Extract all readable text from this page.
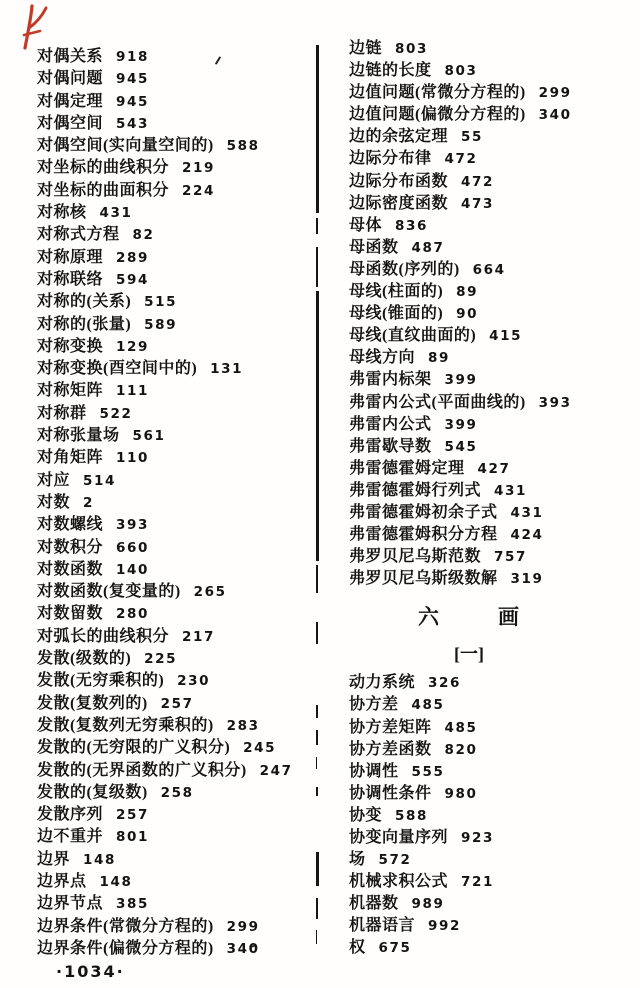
对偶关系 918
对偶问题 945
对偶定理 945
对偶空间 543
对偶空间(实向量空间的) 588
对坐标的曲线积分 219
对坐标的曲面积分 224
对称核 431
对称式方程 82
对称原理 289
对称联络 594
对称的(关系) 515
对称的(张量) 589
对称变换 129
对称变换(酉空间中的) 131
对称矩阵 111
对称群 522
对称张量场 561
对角矩阵 110
对应 514
对数 2
对数螺线 393
对数积分 660
对数函数 140
对数函数(复变量的) 265
对数留数 280
对弧长的曲线积分 217
发散(级数的) 225
发散(无穷乘积的) 230
发散(复数列的) 257
发散(复数列无穷乘积的) 283
发散的(无穷限的广义积分) 245
发散的(无界函数的广义积分) 247
发散的(复级数) 258
发散序列 257
边不重并 801
边界 148
边界点 148
边界节点 385
边界条件(常微分方程的) 299
边界条件(偏微分方程的) 340
边链 803
边链的长度 803
边值问题(常微分方程的) 299
边值问题(偏微分方程的) 340
边的余弦定理 55
边际分布律 472
边际分布函数 472
边际密度函数 473
母体 836
母函数 487
母函数(序列的) 664
母线(柱面的) 89
母线(锥面的) 90
母线(直纹曲面的) 415
母线方向 89
弗雷内标架 399
弗雷内公式(平面曲线的) 393
弗雷内公式 399
弗雷歇导数 545
弗雷德霍姆定理 427
弗雷德霍姆行列式 431
弗雷德霍姆初余子式 431
弗雷德霍姆积分方程 424
弗罗贝尼乌斯范数 757
弗罗贝尼乌斯级数解 319
六	画
[一]
动力系统 326
协方差 485
协方差矩阵 485
协方差函数 820
协调性 555
协调性条件 980
协变 588
协变向量序列 923
场 572
机械求积公式 721
机器数 989
机器语言 992
权 675
·1034·
